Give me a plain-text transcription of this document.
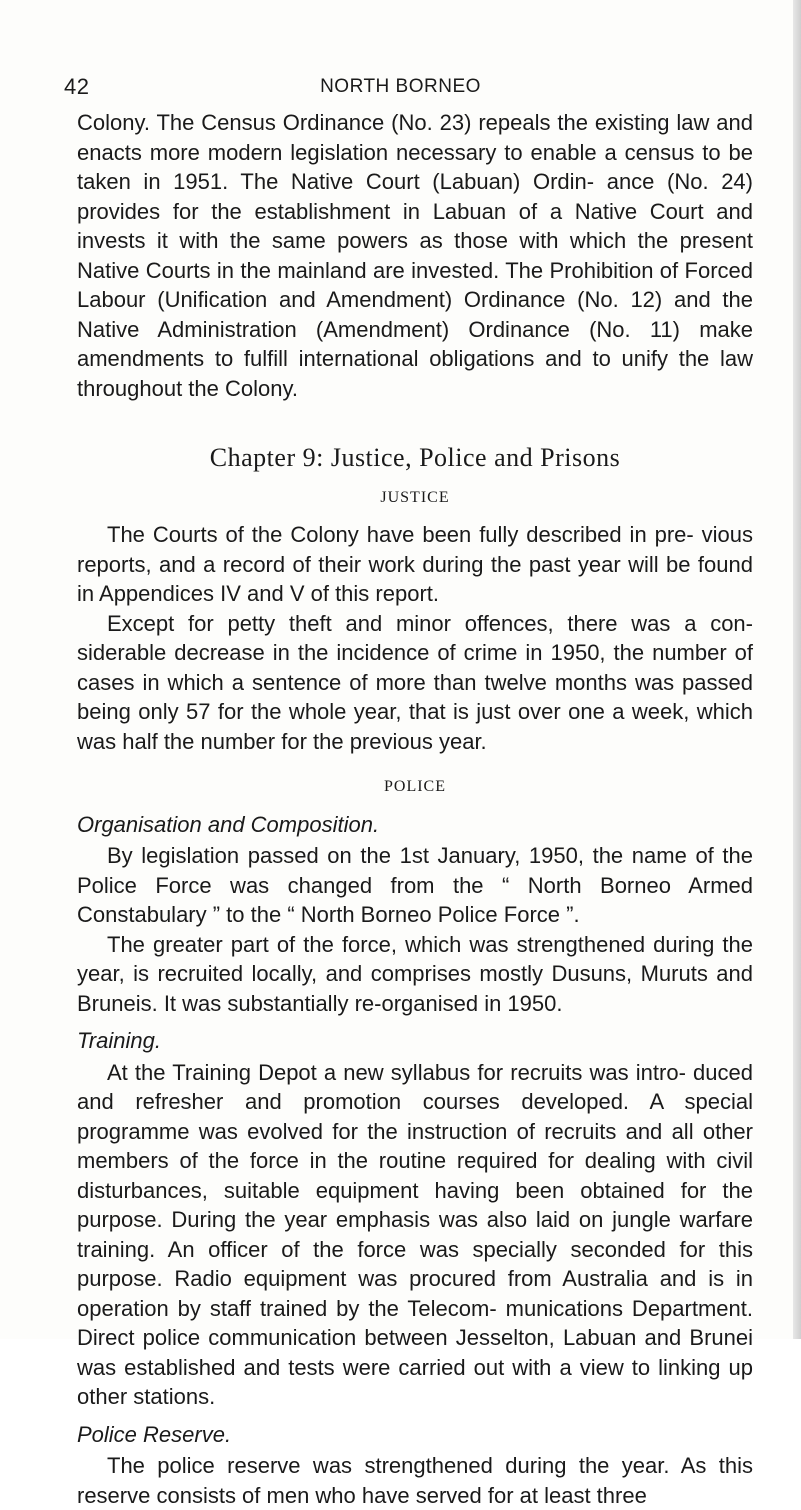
42	NORTH BORNEO

Colony. The Census Ordinance (No. 23) repeals the existing law and enacts more modern legislation necessary to enable a census to be taken in 1951. The Native Court (Labuan) Ordin- ance (No. 24) provides for the establishment in Labuan of a Native Court and invests it with the same powers as those with which the present Native Courts in the mainland are invested. The Prohibition of Forced Labour (Unification and Amendment) Ordinance (No. 12) and the Native Administration (Amendment) Ordinance (No. 11) make amendments to fulfill international obligations and to unify the law throughout the Colony.

Chapter 9: Justice, Police and Prisons
JUSTICE

The Courts of the Colony have been fully described in pre- vious reports, and a record of their work during the past year will be found in Appendices IV and V of this report.

Except for petty theft and minor offences, there was a con- siderable decrease in the incidence of crime in 1950, the number of cases in which a sentence of more than twelve months was passed being only 57 for the whole year, that is just over one a week, which was half the number for the previous year.

POLICE
Organisation and Composition.

By legislation passed on the 1st January, 1950, the name of the Police Force was changed from the “ North Borneo Armed Constabulary ” to the “ North Borneo Police Force ”.

The greater part of the force, which was strengthened during the year, is recruited locally, and comprises mostly Dusuns, Muruts and Bruneis. It was substantially re-organised in 1950.

Training.

At the Training Depot a new syllabus for recruits was intro- duced and refresher and promotion courses developed. A special programme was evolved for the instruction of recruits and all other members of the force in the routine required for dealing with civil disturbances, suitable equipment having been obtained for the purpose. During the year emphasis was also laid on jungle warfare training. An officer of the force was specially seconded for this purpose. Radio equipment was procured from Australia and is in operation by staff trained by the Telecom- munications Department. Direct police communication between Jesselton, Labuan and Brunei was established and tests were carried out with a view to linking up other stations.

Police Reserve.

The police reserve was strengthened during the year. As this reserve consists of men who have served for at least three
